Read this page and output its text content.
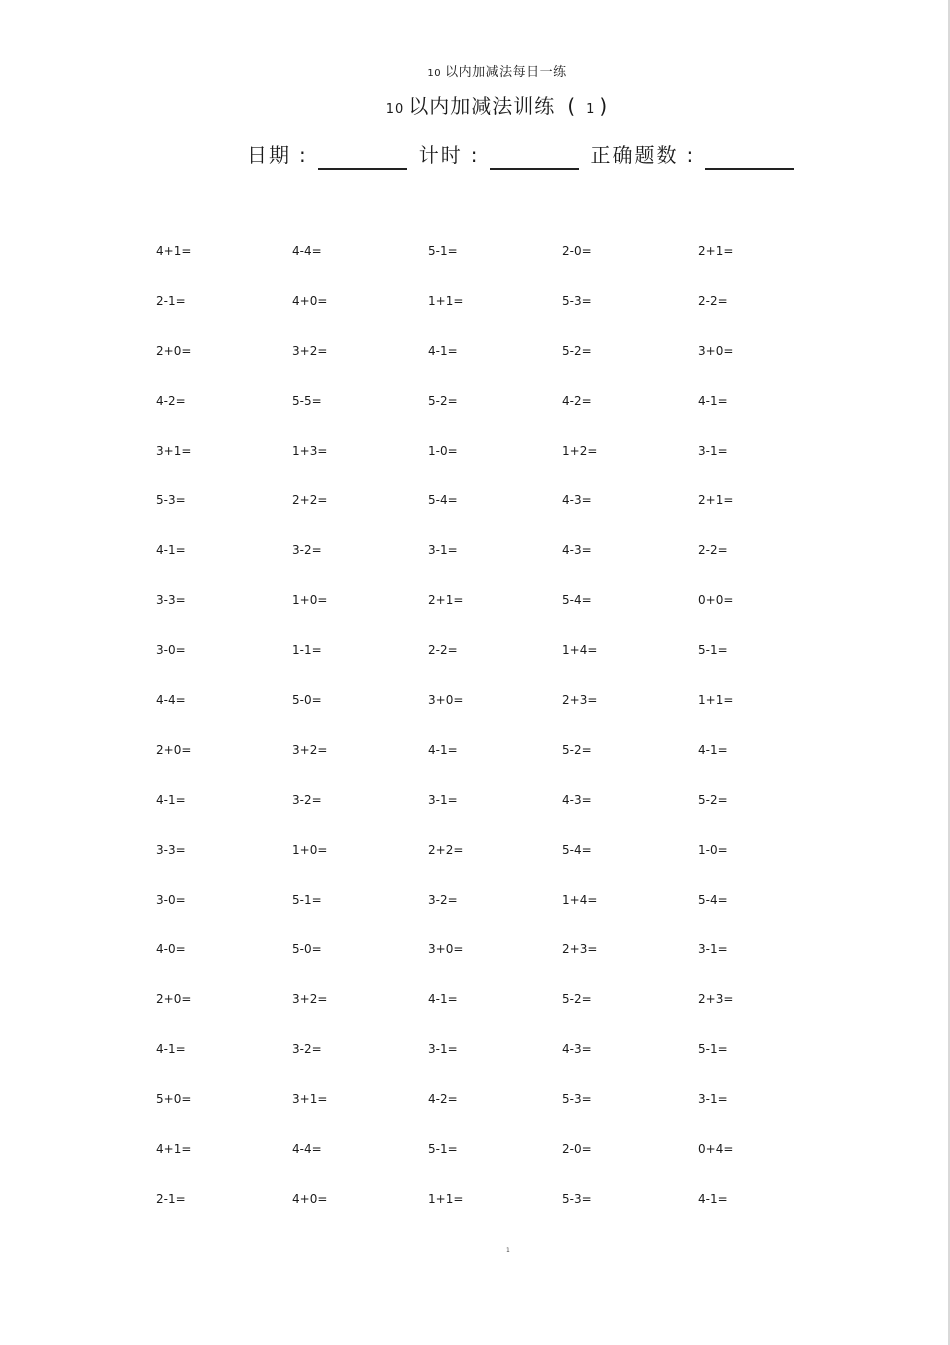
10 以内加减法每日一练
10 以内加减法训练 ( 1 )
日期 :	计时 :	正确题数 :
4+1=	4-4=	5-1=	2-0=	2+1=
2-1=	4+0=	1+1=	5-3=	2-2=
2+0=	3+2=	4-1=	5-2=	3+0=
4-2=	5-5=	5-2=	4-2=	4-1=
3+1=	1+3=	1-0=	1+2=	3-1=
5-3=	2+2=	5-4=	4-3=	2+1=
4-1=	3-2=	3-1=	4-3=	2-2=
3-3=	1+0=	2+1=	5-4=	0+0=
3-0=	1-1=	2-2=	1+4=	5-1=
4-4=	5-0=	3+0=	2+3=	1+1=
2+0=	3+2=	4-1=	5-2=	4-1=
4-1=	3-2=	3-1=	4-3=	5-2=
3-3=	1+0=	2+2=	5-4=	1-0=
3-0=	5-1=	3-2=	1+4=	5-4=
4-0=	5-0=	3+0=	2+3=	3-1=
2+0=	3+2=	4-1=	5-2=	2+3=
4-1=	3-2=	3-1=	4-3=	5-1=
5+0=	3+1=	4-2=	5-3=	3-1=
4+1=	4-4=	5-1=	2-0=	0+4=
2-1=	4+0=	1+1=	5-3=	4-1=
1
